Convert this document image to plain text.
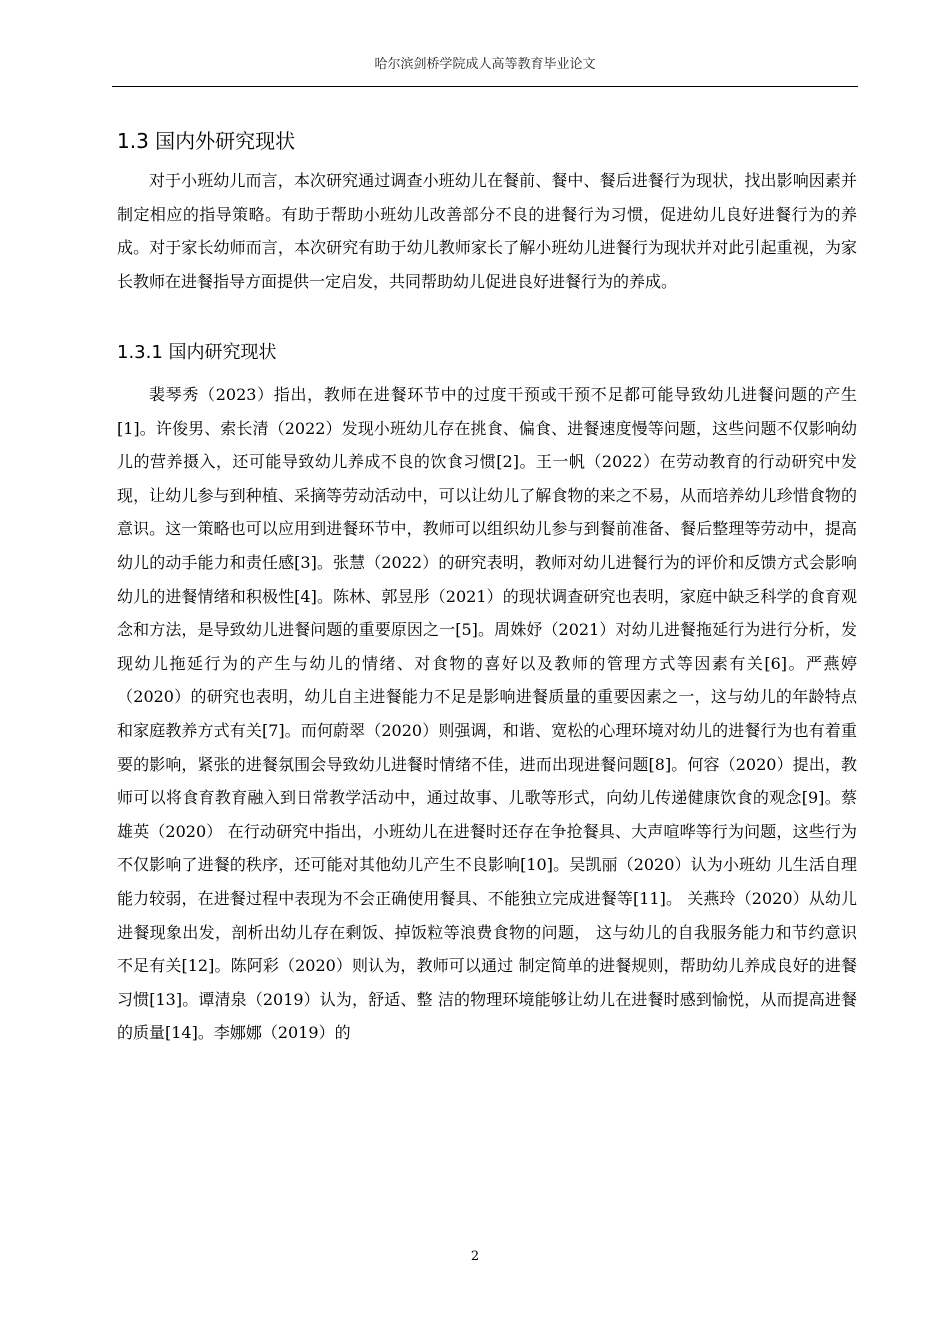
哈尔滨剑桥学院成人高等教育毕业论文
1.3 国内外研究现状

对于小班幼儿而言，本次研究通过调查小班幼儿在餐前、餐中、餐后进餐行为现状，找出影响因素并制定相应的指导策略。有助于帮助小班幼儿改善部分不良的进餐行为习惯，促进幼儿良好进餐行为的养成。对于家长幼师而言，本次研究有助于幼儿教师家长了解小班幼儿进餐行为现状并对此引起重视，为家长教师在进餐指导方面提供一定启发，共同帮助幼儿促进良好进餐行为的养成。

1.3.1 国内研究现状

裴琴秀（2023）指出，教师在进餐环节中的过度干预或干预不足都可能导致幼儿进餐问题的产生[1]。许俊男、索长清（2022）发现小班幼儿存在挑食、偏食、进餐速度慢等问题，这些问题不仅影响幼儿的营养摄入，还可能导致幼儿养成不良的饮食习惯[2]。王一帆（2022）在劳动教育的行动研究中发现，让幼儿参与到种植、采摘等劳动活动中，可以让幼儿了解食物的来之不易，从而培养幼儿珍惜食物的意识。这一策略也可以应用到进餐环节中，教师可以组织幼儿参与到餐前准备、餐后整理等劳动中，提高幼儿的动手能力和责任感[3]。张慧（2022）的研究表明，教师对幼儿进餐行为的评价和反馈方式会影响幼儿的进餐情绪和积极性[4]。陈林、郭昱彤（2021）的现状调查研究也表明，家庭中缺乏科学的食育观念和方法，是导致幼儿进餐问题的重要原因之一[5]。周姝妤（2021）对幼儿进餐拖延行为进行分析，发现幼儿拖延行为的产生与幼儿的情绪、对食物的喜好以及教师的管理方式等因素有关[6]。严燕婷（2020）的研究也表明，幼儿自主进餐能力不足是影响进餐质量的重要因素之一，这与幼儿的年龄特点和家庭教养方式有关[7]。而何蔚翠（2020）则强调，和谐、宽松的心理环境对幼儿的进餐行为也有着重要的影响，紧张的进餐氛围会导致幼儿进餐时情绪不佳，进而出现进餐问题[8]。何容（2020）提出，教师可以将食育教育融入到日常教学活动中，通过故事、儿歌等形式，向幼儿传递健康饮食的观念[9]。蔡雄英（2020） 在行动研究中指出，小班幼儿在进餐时还存在争抢餐具、大声喧哗等行为问题，这些行为 不仅影响了进餐的秩序，还可能对其他幼儿产生不良影响[10]。吴凯丽（2020）认为小班幼 儿生活自理能力较弱，在进餐过程中表现为不会正确使用餐具、不能独立完成进餐等[11]。 关燕玲（2020）从幼儿进餐现象出发，剖析出幼儿存在剩饭、掉饭粒等浪费食物的问题， 这与幼儿的自我服务能力和节约意识不足有关[12]。陈阿彩（2020）则认为，教师可以通过 制定简单的进餐规则，帮助幼儿养成良好的进餐习惯[13]。谭清泉（2019）认为，舒适、整 洁的物理环境能够让幼儿在进餐时感到愉悦，从而提高进餐的质量[14]。李娜娜（2019）的

2
